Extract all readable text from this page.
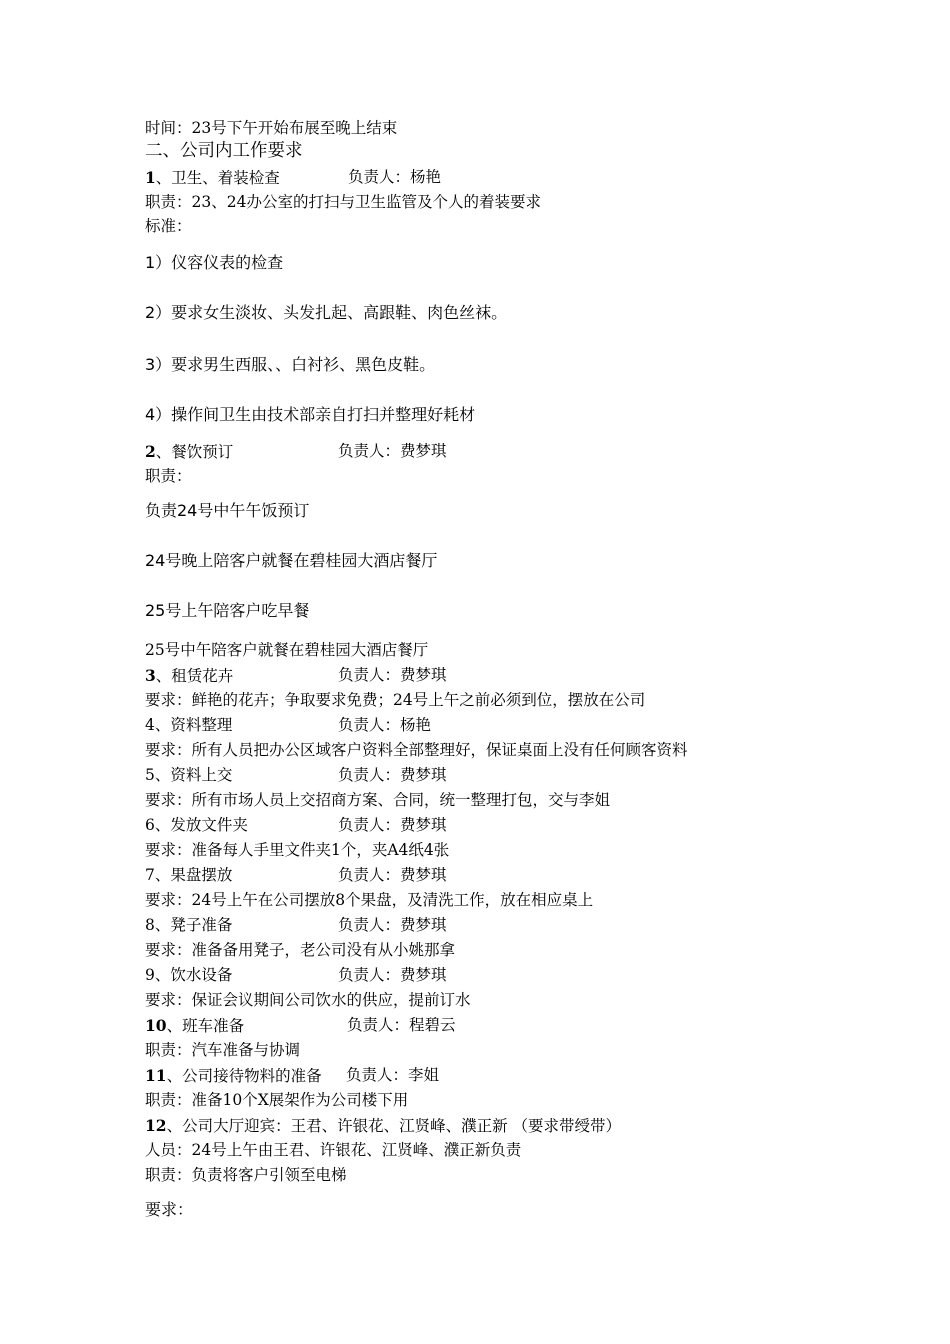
时间：23号下午开始布展至晚上结束
二、公司内工作要求
1、卫生、着装检查	负责人：杨艳
职责：23、24办公室的打扫与卫生监管及个人的着装要求
标准：
1）仪容仪表的检查
2）要求女生淡妆、头发扎起、高跟鞋、肉色丝袜。
3）要求男生西服、、白衬衫、黑色皮鞋。
4）操作间卫生由技术部亲自打扫并整理好耗材
2、餐饮预订	负责人：费梦琪
职责：
负责24号中午午饭预订
24号晚上陪客户就餐在碧桂园大酒店餐厅
25号上午陪客户吃早餐
25号中午陪客户就餐在碧桂园大酒店餐厅
3、租赁花卉	负责人：费梦琪
要求：鲜艳的花卉；争取要求免费；24号上午之前必须到位，摆放在公司
4、资料整理	负责人：杨艳
要求：所有人员把办公区域客户资料全部整理好，保证桌面上没有任何顾客资料
5、资料上交	负责人：费梦琪
要求：所有市场人员上交招商方案、合同，统一整理打包，交与李姐
6、发放文件夹	负责人：费梦琪
要求：准备每人手里文件夹1个，夹A4纸4张
7、果盘摆放	负责人：费梦琪
要求：24号上午在公司摆放8个果盘，及清洗工作，放在相应桌上
8、凳子准备	负责人：费梦琪
要求：准备备用凳子，老公司没有从小姚那拿
9、饮水设备	负责人：费梦琪
要求：保证会议期间公司饮水的供应，提前订水
10、班车准备	负责人：程碧云
职责：汽车准备与协调
11、公司接待物料的准备 负责人：李姐
职责：准备10个X展架作为公司楼下用
12、公司大厅迎宾：王君、许银花、江贤峰、濮正新 （要求带绶带）
人员：24号上午由王君、许银花、江贤峰、濮正新负责
职责：负责将客户引领至电梯
要求：
